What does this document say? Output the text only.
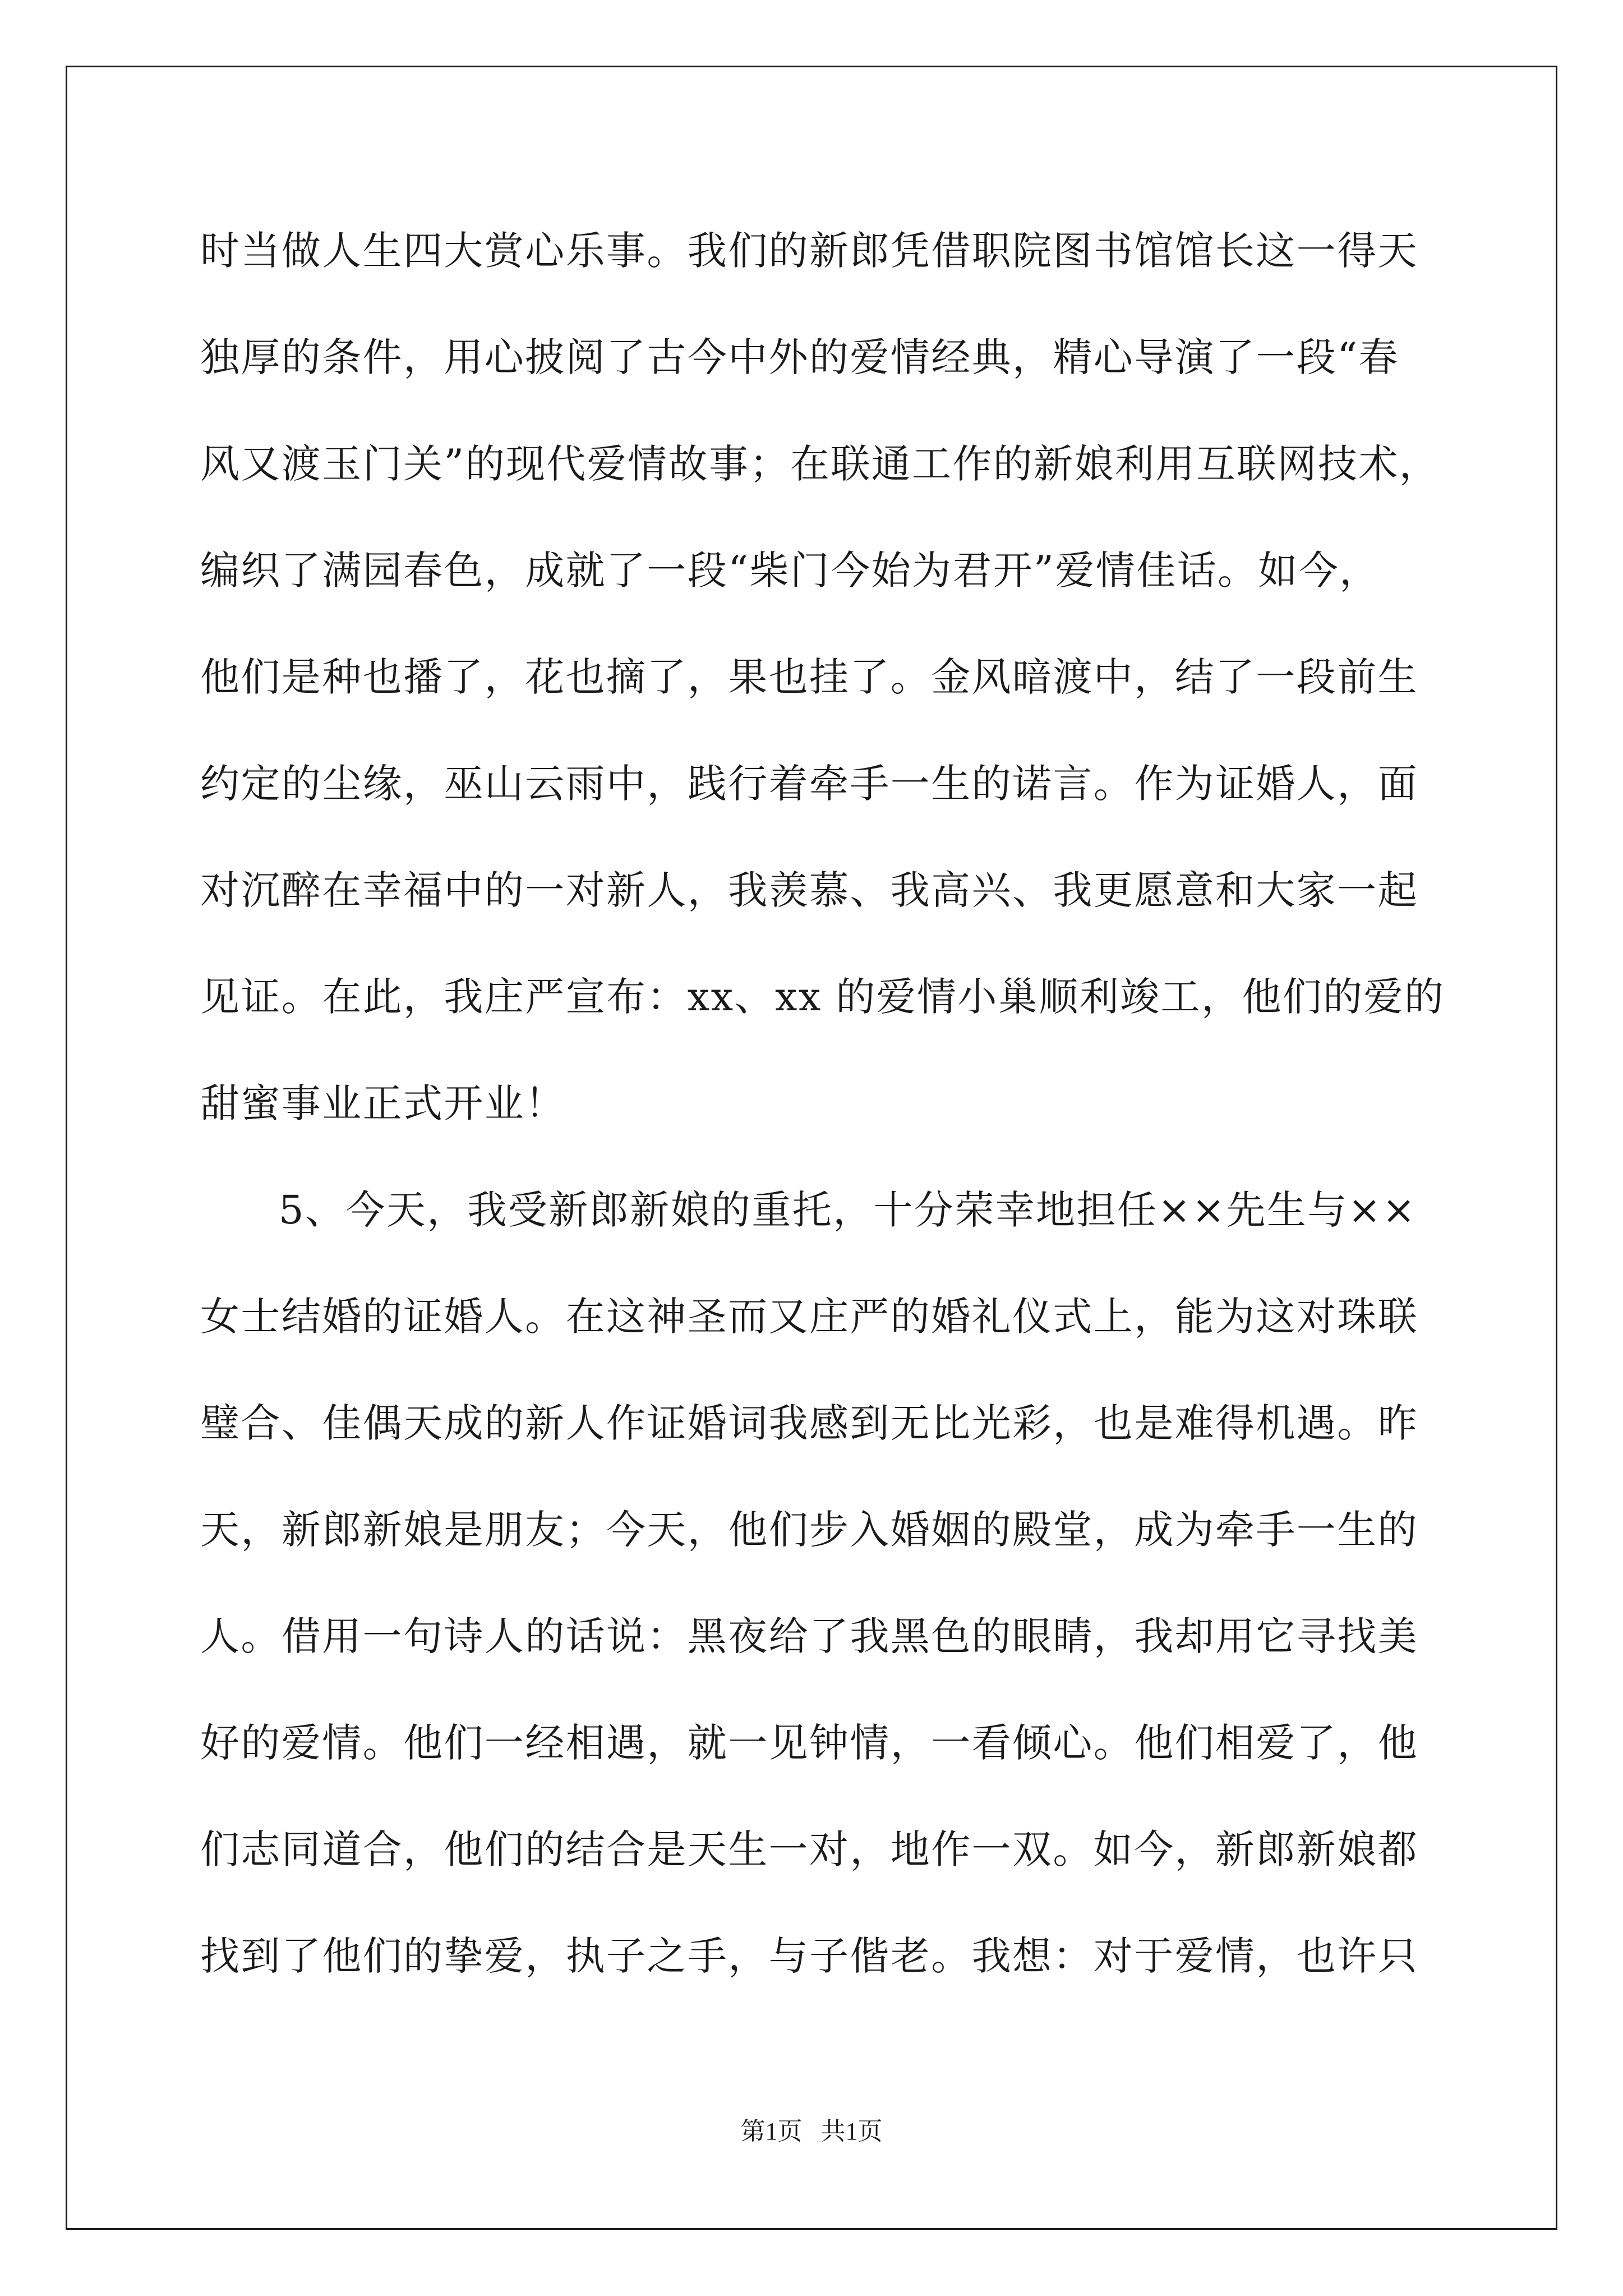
时当做人生四大赏心乐事。我们的新郎凭借职院图书馆馆长这一得天
独厚的条件，用心披阅了古今中外的爱情经典，精心导演了一段“春
风又渡玉门关”的现代爱情故事；在联通工作的新娘利用互联网技术，
编织了满园春色，成就了一段“柴门今始为君开”爱情佳话。如今，
他们是种也播了，花也摘了，果也挂了。金风暗渡中，结了一段前生
约定的尘缘，巫山云雨中，践行着牵手一生的诺言。作为证婚人，面
对沉醉在幸福中的一对新人，我羡慕、我高兴、我更愿意和大家一起
见证。在此，我庄严宣布：xx、xx 的爱情小巢顺利竣工，他们的爱的
甜蜜事业正式开业！
5、今天，我受新郎新娘的重托，十分荣幸地担任××先生与××
女士结婚的证婚人。在这神圣而又庄严的婚礼仪式上，能为这对珠联
璧合、佳偶天成的新人作证婚词我感到无比光彩，也是难得机遇。昨
天，新郎新娘是朋友；今天，他们步入婚姻的殿堂，成为牵手一生的
人。借用一句诗人的话说：黑夜给了我黑色的眼睛，我却用它寻找美
好的爱情。他们一经相遇，就一见钟情，一看倾心。他们相爱了，他
们志同道合，他们的结合是天生一对，地作一双。如今，新郎新娘都
找到了他们的挚爱，执子之手，与子偕老。我想：对于爱情，也许只
第1页   共1页
